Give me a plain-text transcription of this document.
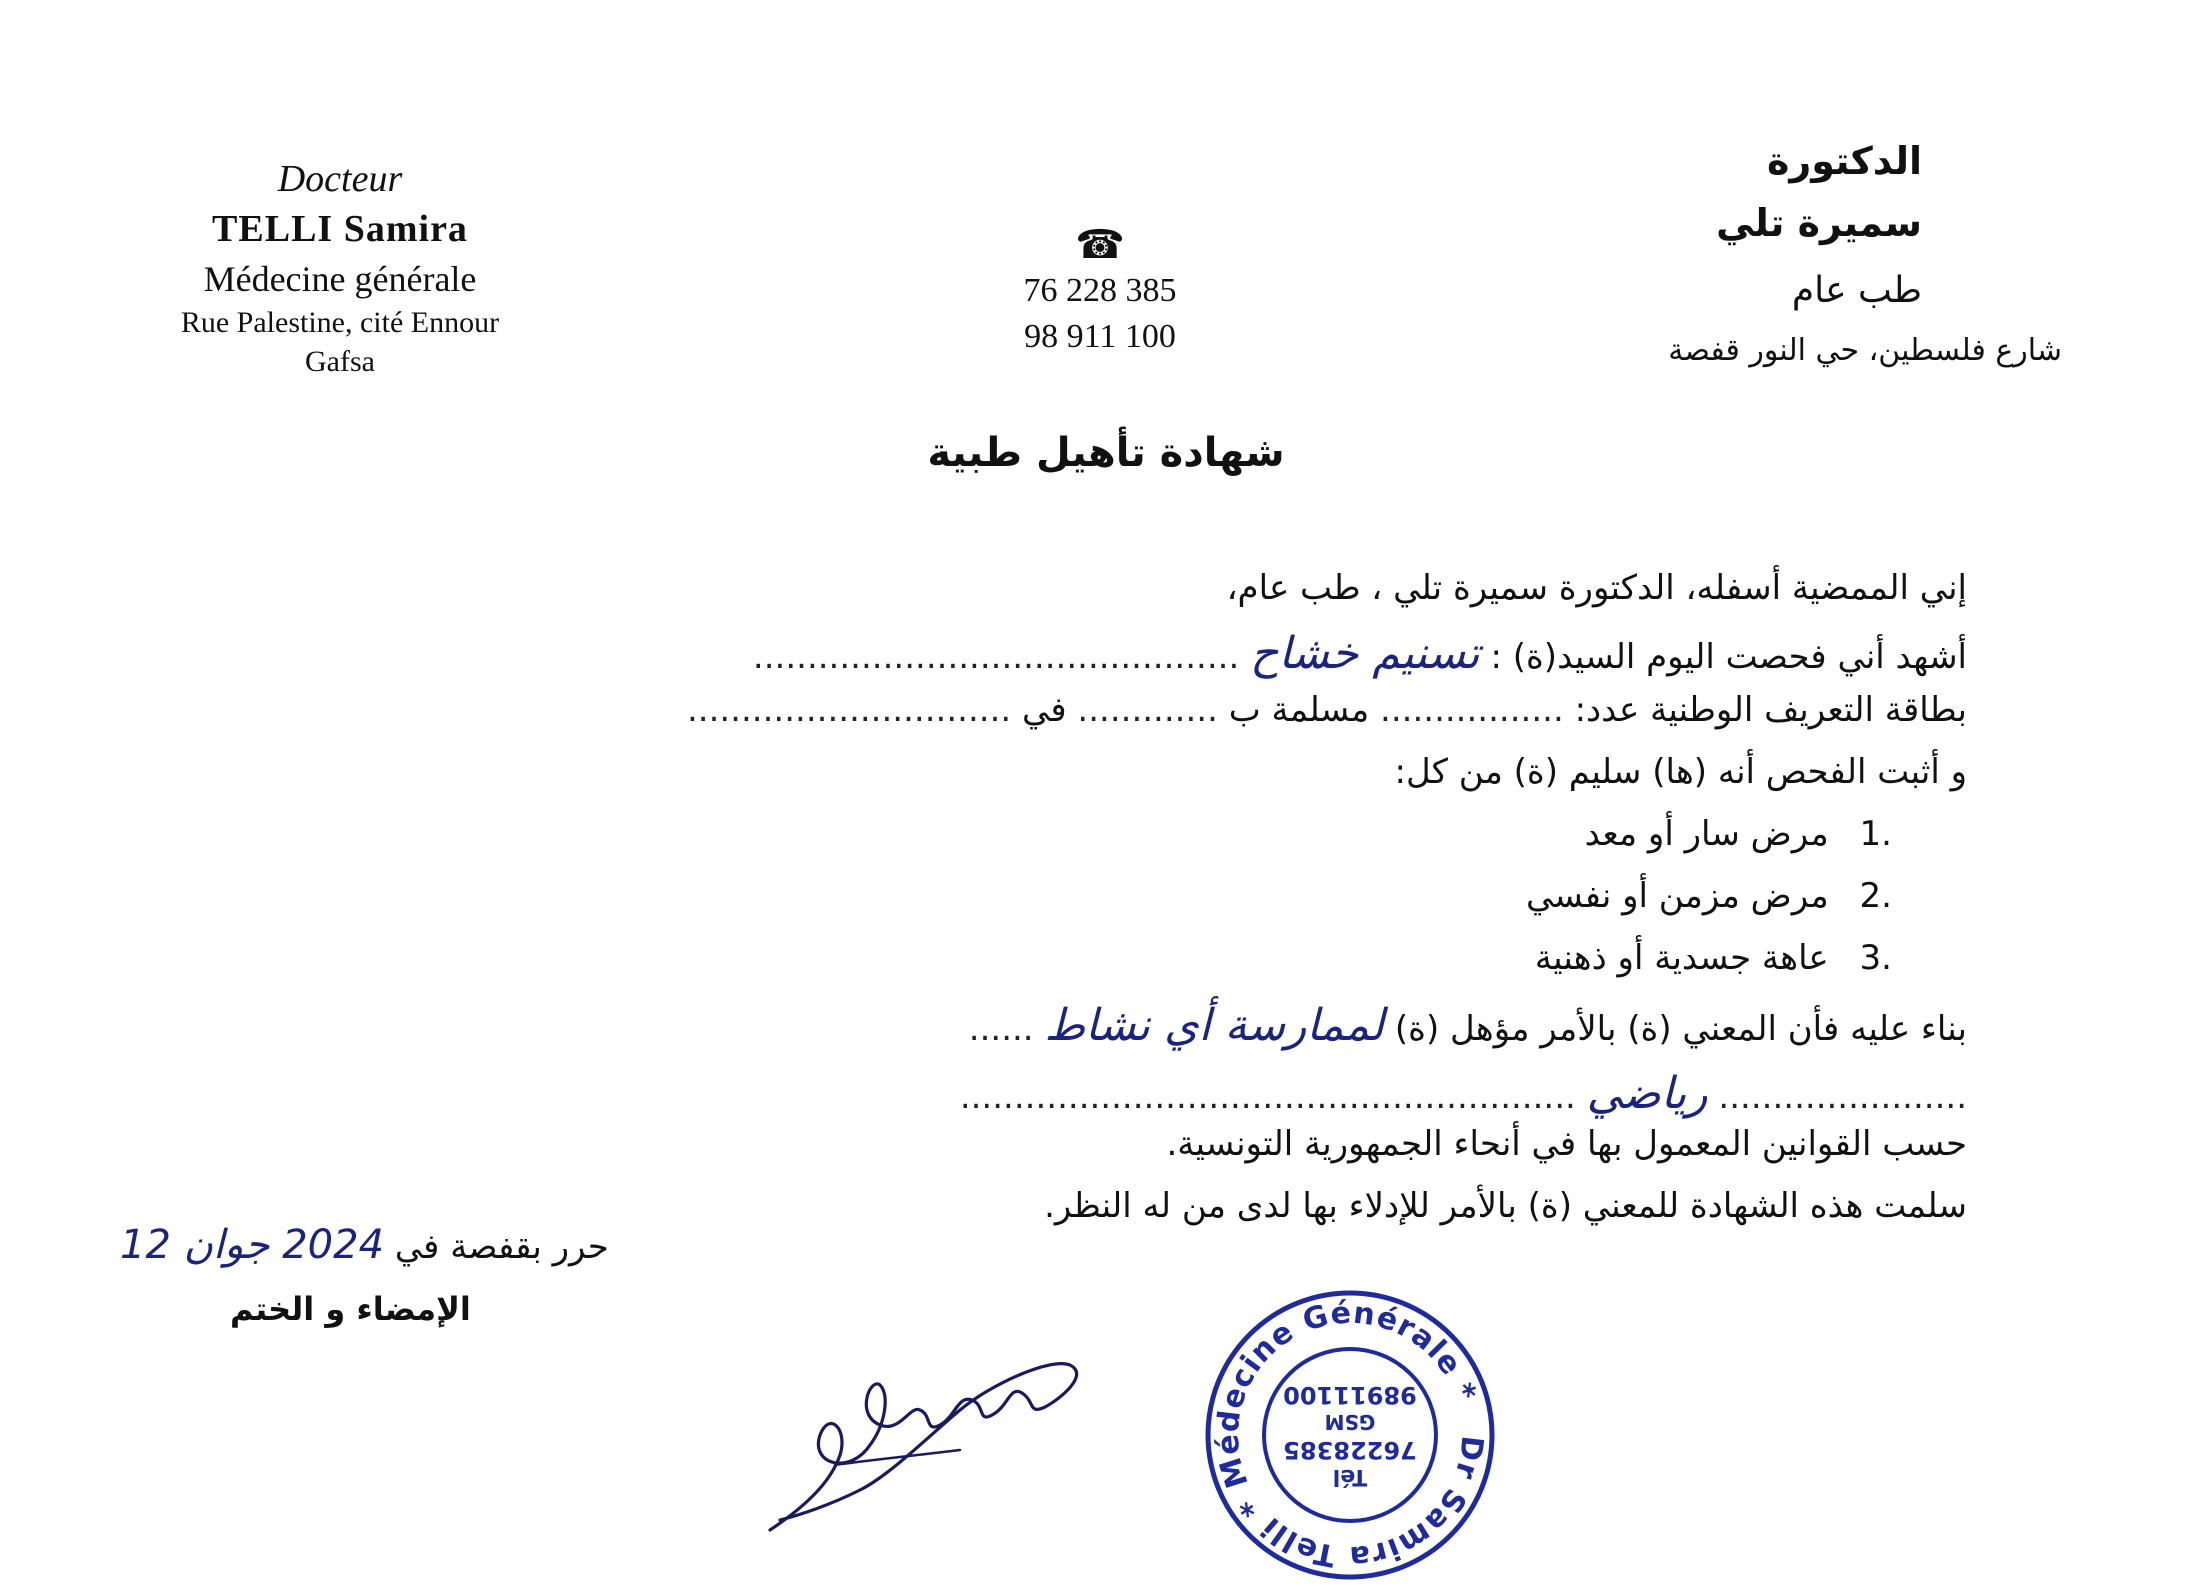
Docteur
TELLI Samira
Médecine générale
Rue Palestine, cité Ennour
Gafsa
☎
76 228 385
98 911 100
الدكتورة
سميرة تلي
طب عام
شارع فلسطين، حي النور قفصة
شهادة تأهيل طبية
إني الممضية أسفله، الدكتورة سميرة تلي ، طب عام،
أشهد أني فحصت اليوم السيد(ة) : تسنيم خشاح .............................................
بطاقة التعريف الوطنية عدد: ................. مسلمة ب ............. في ..............................
و أثبت الفحص أنه (ها) سليم (ة) من كل:
1. مرض سار أو معد
2. مرض مزمن أو نفسي
3. عاهة جسدية أو ذهنية
بناء عليه فأن المعني (ة) بالأمر مؤهل (ة) لممارسة أي نشاط ......
....................... رياضي .........................................................
حسب القوانين المعمول بها في أنحاء الجمهورية التونسية.
سلمت هذه الشهادة للمعني (ة) بالأمر للإدلاء بها لدى من له النظر.
حرر بقفصة في 2024 جوان 12
الإمضاء و الختم
Dr Samira Telli * Médecine Générale *
Tél
76228385
GSM
98911100
